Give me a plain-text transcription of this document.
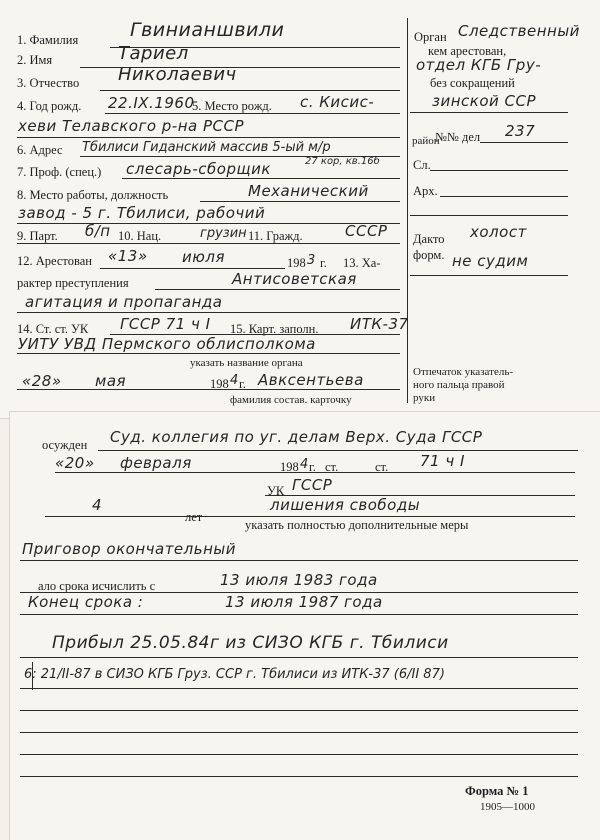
1. Фамилия	Гвинианшвили
2. Имя	Тариел
3. Отчество Николаевич
4. Год рожд. 22.IX.1960
5. Место рожд. с. Кисис-
хеви Телавского р-на РССР
6. Адрес Тбилиси Гиданский массив 5-ый м/р
27 кор, кв.16б
7. Проф. (спец.) слесарь-сборщик
8. Место работы, должность	Механический
завод - 5 г. Тбилиси, рабочий
9. Парт. б/п 10. Нац.	грузин 11. Гражд.	СССР
12. Арестован «13» июля	198 3 г. 13. Ха-
рактер преступления	Антисоветская
агитация и пропаганда
14. Ст. ст. УК ГССР 71 ч I 15. Карт. заполн. ИТК-37
УИТУ УВД Пермского облисполкома
указать название органа
«28» мая	198 4 г. Авксентьева
фамилия состав. карточку
Орган Следственный
кем арестован,
отдел КГБ Гру-
без сокращений
зинской ССР
район
№№ дел 237
Сл.
Арх.
Дакто холост
форм. не судим
Отпечаток указатель-
ного пальца правой
руки
осужден Суд. коллегия по уг. делам Верх. Суда ГССР
«20» февраля	198 4 г. ст.	ст. 71 ч I
УК ГССР
4
лет
лишения свободы
указать полностью дополнительные меры
Приговор окончательный
ало срока исчислить с	13 июля 1983 года
Конец срока :	13 июля 1987 года
Прибыл 25.05.84г из СИЗО КГБ г. Тбилиси
6: 21/II-87 в СИЗО КГБ Груз. ССР г. Тбилиси из ИТК-37 (6/II 87)
Форма № 1
1905—1000
